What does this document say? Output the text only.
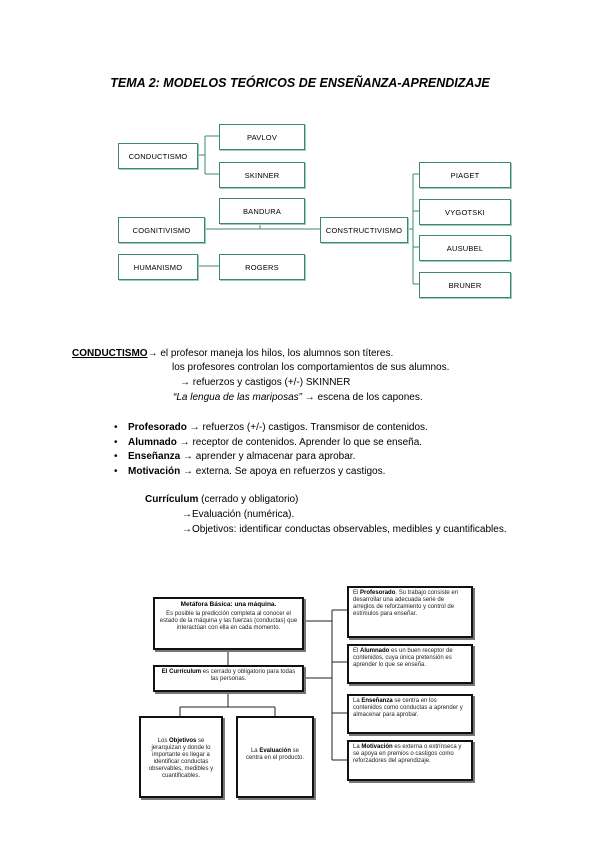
TEMA 2: MODELOS TEÓRICOS DE ENSEÑANZA-APRENDIZAJE
CONDUCTISMO
PAVLOV
SKINNER
BANDURA
COGNITIVISMO	CONSTRUCTIVISMO
HUMANISMO	ROGERS
PIAGET
VYGOTSKI
AUSUBEL
BRUNER
CONDUCTISMO→ el profesor maneja los hilos, los alumnos son títeres.
los profesores controlan los comportamientos de sus alumnos.
→ refuerzos y castigos (+/-) SKINNER
“La lengua de las mariposas” → escena de los capones.
• Profesorado → refuerzos (+/-) castigos. Transmisor de contenidos.
• Alumnado → receptor de contenidos. Aprender lo que se enseña.
• Enseñanza → aprender y almacenar para aprobar.
• Motivación → externa. Se apoya en refuerzos y castigos.
Currículum (cerrado y obligatorio)
→Evaluación (numérica).
→Objetivos: identificar conductas observables, medibles y cuantificables.
Metáfora Básica: una máquina.
Es posible la predicción completa al conocer el estado de la máquina y las fuerzas (conductas) que interactúan con ella en cada momento.
El Currículum es cerrado y obligatorio para todas las personas.
Los Objetivos se jerarquizan y donde lo importante es llegar a identificar conductas observables, medibles y cuantificables.
La Evaluación se centra en el producto.
El Profesorado. Su trabajo consiste en desarrollar una adecuada serie de arreglos de reforzamiento y control de estímulos para enseñar.
El Alumnado es un buen receptor de contenidos, cuya única pretensión es aprender lo que se enseña.
La Enseñanza se centra en los contenidos como conductas a aprender y almacenar para aprobar.
La Motivación es externa o extrínseca y se apoya en premios o castigos como reforzadores del aprendizaje.
